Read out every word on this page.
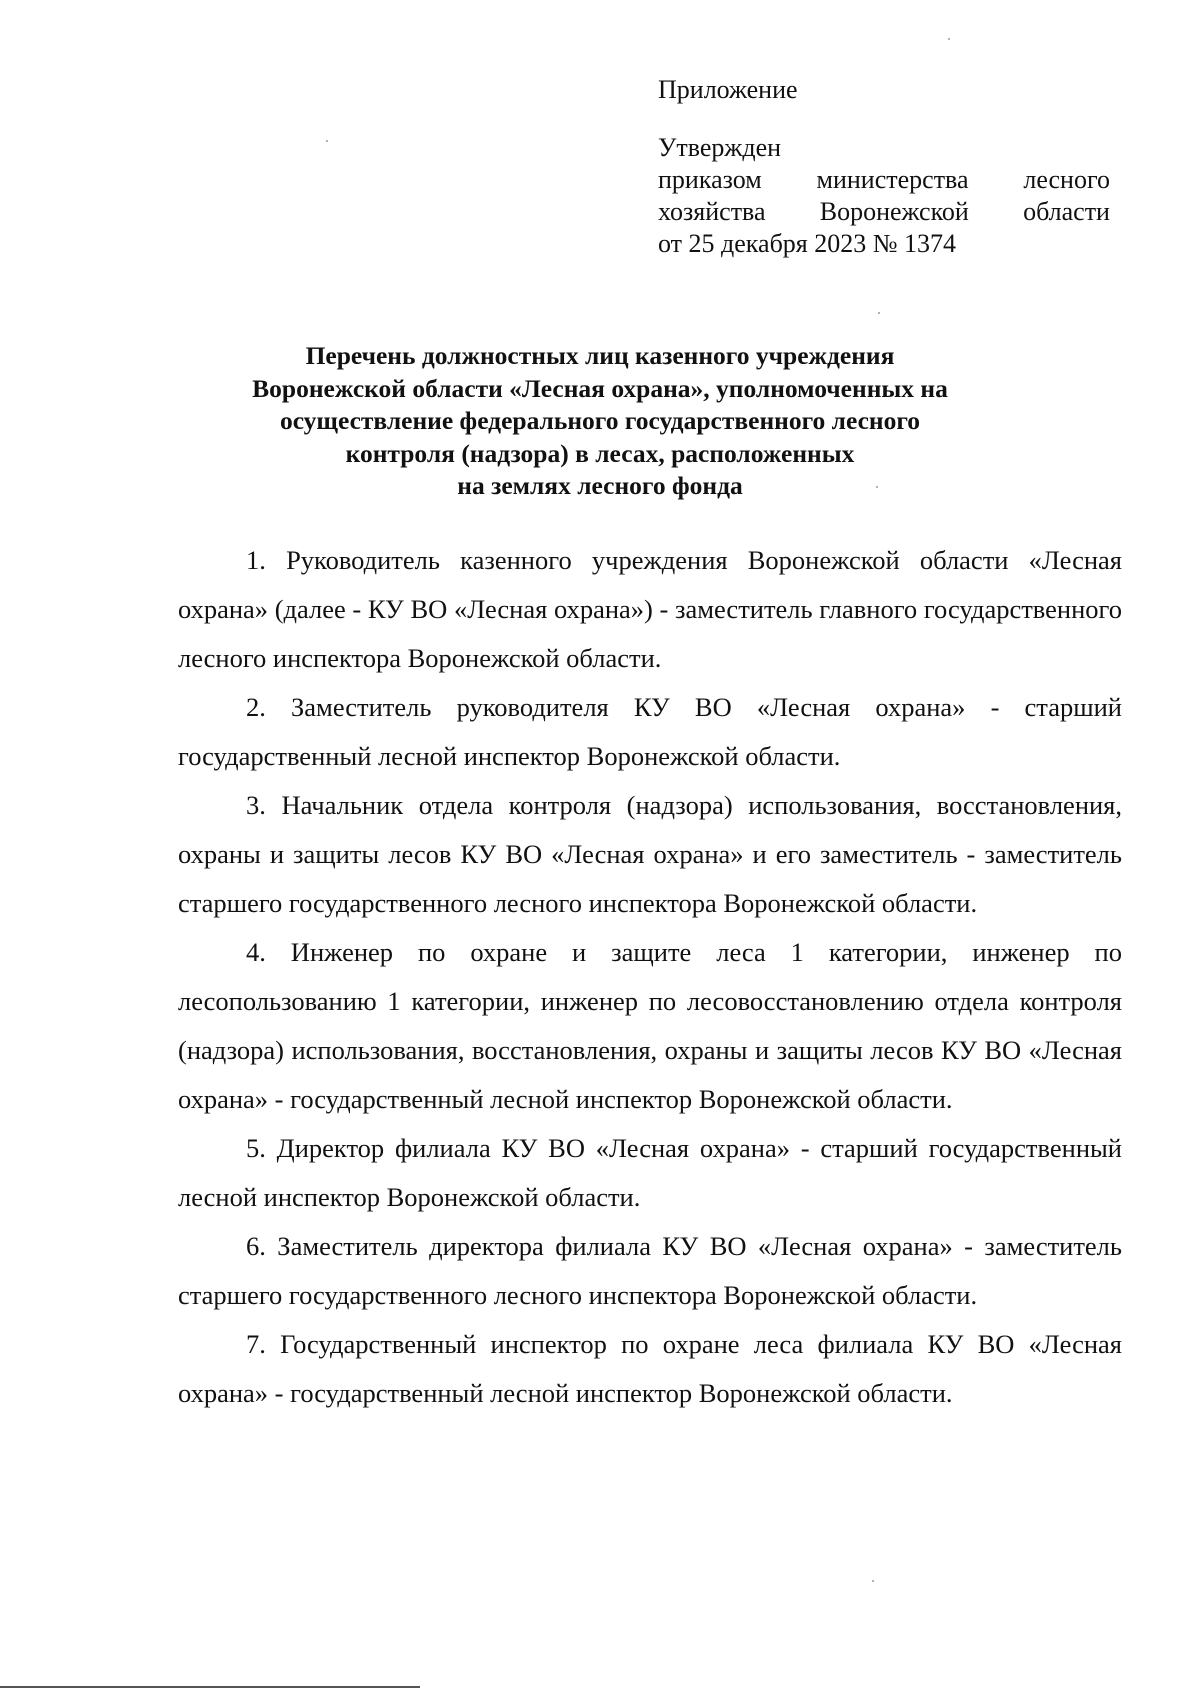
Приложение
Утвержден
приказом министерства лесного
хозяйства Воронежской области
от 25 декабря 2023 № 1374
Перечень должностных лиц казенного учреждения
Воронежской области «Лесная охрана», уполномоченных на
осуществление федерального государственного лесного
контроля (надзора) в лесах, расположенных
на землях лесного фонда

1. Руководитель казенного учреждения Воронежской области «Лесная охрана» (далее - КУ ВО «Лесная охрана») - заместитель главного государственного лесного инспектора Воронежской области.

2. Заместитель руководителя КУ ВО «Лесная охрана» - старший государственный лесной инспектор Воронежской области.

3. Начальник отдела контроля (надзора) использования, восстановления, охраны и защиты лесов КУ ВО «Лесная охрана» и его заместитель - заместитель старшего государственного лесного инспектора Воронежской области.

4. Инженер по охране и защите леса 1 категории, инженер по лесопользованию 1 категории, инженер по лесовосстановлению отдела контроля (надзора) использования, восстановления, охраны и защиты лесов КУ ВО «Лесная охрана» - государственный лесной инспектор Воронежской области.

5. Директор филиала КУ ВО «Лесная охрана» - старший государственный лесной инспектор Воронежской области.

6. Заместитель директора филиала КУ ВО «Лесная охрана» - заместитель старшего государственного лесного инспектора Воронежской области.

7. Государственный инспектор по охране леса филиала КУ ВО «Лесная охрана» - государственный лесной инспектор Воронежской области.
